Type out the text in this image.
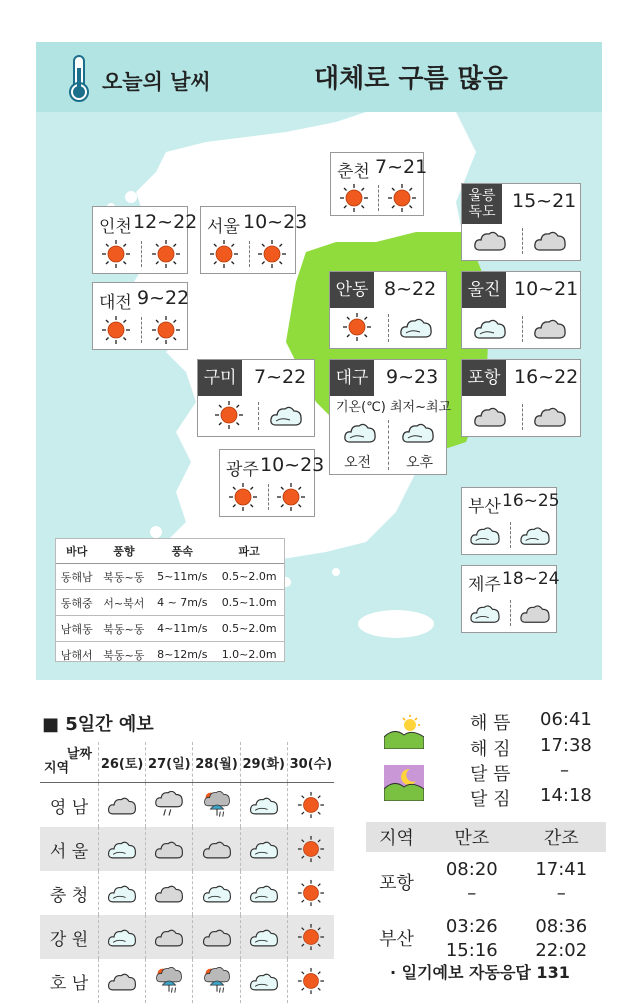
오늘의 날씨	대체로 구름 많음
춘천 7~21
울릉
독도 15~21
인천 12~22 서울 10~23
대전 9~22	안동 8~22	울진 10~21
구미 7~22	대구 9~23
기온(℃) 최저~최고
오전 오후
포항 16~22
광주 10~23
부산 16~25
제주 18~24
바다	풍향	풍속	파고
동해남	북동~동	5~11m/s	0.5~2.0m
동해중	서~북서	4 ~ 7m/s	0.5~1.0m
남해동	북동~동	4~11m/s	0.5~2.0m
남해서	북동~동	8~12m/s	1.0~2.0m
■ 5일간 예보
날짜
지역	26(토)	27(일)	28(월)	29(화)	30(수)
영 남					
서 울					
충 청					
강 원					
호 남					
해 뜸 06:41
해 짐 17:38
달 뜸	–
달 짐 14:18
지역	만조	간조
포항	08:20	17:41
	–	–
부산	03:26	08:36
	15:16	22:02
· 일기예보 자동응답 131
